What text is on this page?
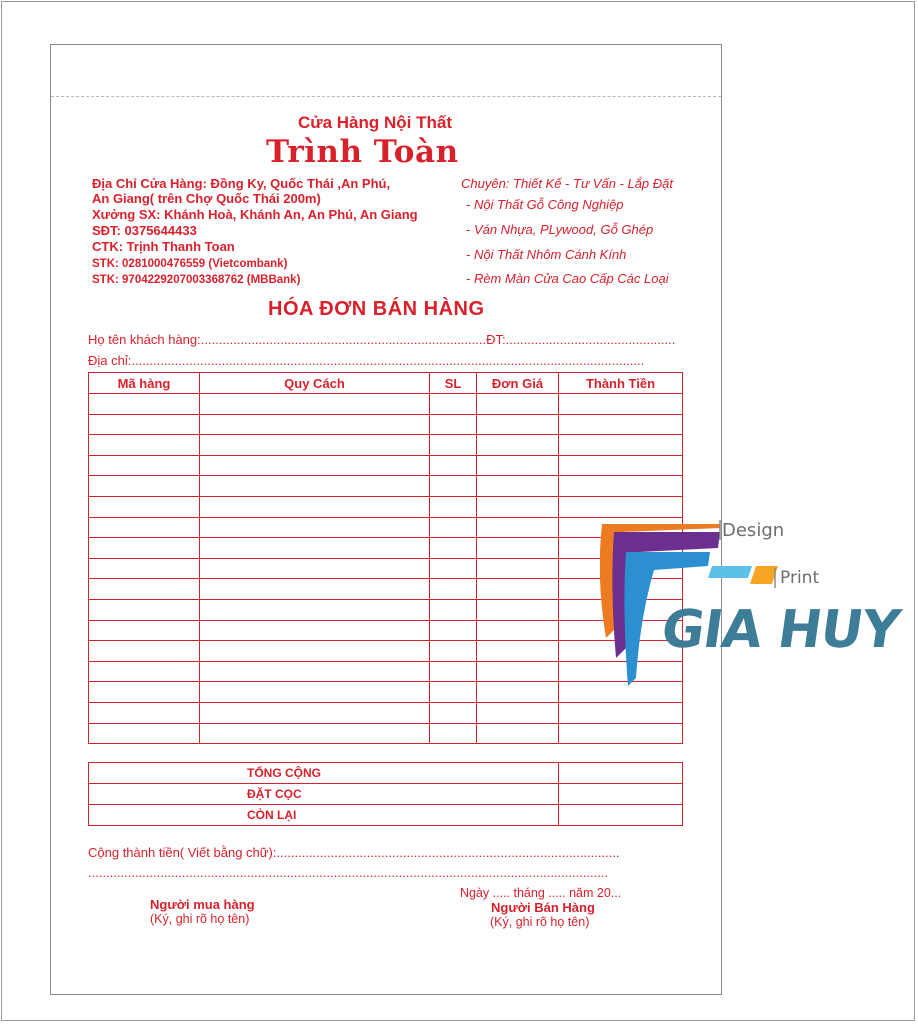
Cửa Hàng Nội Thất
Trình Toàn
Địa Chỉ Cửa Hàng: Đồng Ky, Quốc Thái ,An Phú,
An Giang( trên Chợ Quốc Thái 200m)
Xưởng SX: Khánh Hoà, Khánh An, An Phú, An Giang
SĐT: 0375644433
CTK: Trịnh Thanh Toan
STK: 0281000476559 (Vietcombank)
STK: 9704229207003368762 (MBBank)
Chuyên: Thiết Kế - Tư Vấn - Lắp Đặt
- Nội Thất Gỗ Công Nghiệp
- Ván Nhựa, PLywood, Gỗ Ghép
- Nội Thất Nhôm Cánh Kính
- Rèm Màn Cửa Cao Cấp Các Loại
HÓA ĐƠN BÁN HÀNG
Họ tên khách hàng:...............................................................................ĐT:...............................................
Địa chỉ:..............................................................................................................................................
Mã hàng	Quy Cách	SL	Đơn Giá	Thành Tiền

TỔNG CỘNG	
ĐẶT CỌC	
CÒN LẠI	
Cộng thành tiền( Viết bằng chữ):...............................................................................................
................................................................................................................................................
Ngày ..... tháng ..... năm 20...
Người mua hàng
(Ký, ghi rõ họ tên)
Người Bán Hàng
(Ký, ghi rõ họ tên)
Design
Print
GIA HUY
